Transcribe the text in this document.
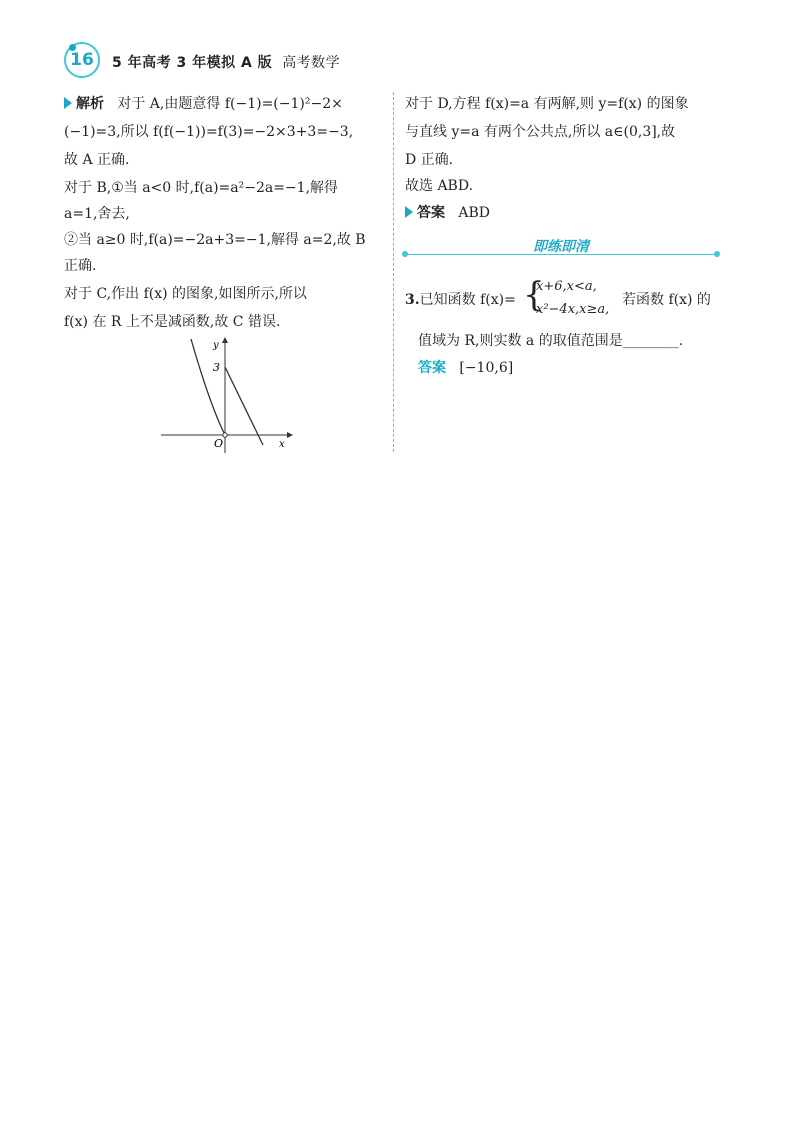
16 5 年高考 3 年模拟 A 版 高考数学
解析 对于 A,由题意得 f(−1)=(−1)²−2×
(−1)=3,所以 f(f(−1))=f(3)=−2×3+3=−3,
故 A 正确.
对于 B,①当 a<0 时,f(a)=a²−2a=−1,解得
a=1,舍去,
②当 a≥0 时,f(a)=−2a+3=−1,解得 a=2,故 B
正确.
对于 C,作出 f(x) 的图象,如图所示,所以
f(x) 在 R 上不是减函数,故 C 错误.
3
y
x
O
对于 D,方程 f(x)=a 有两解,则 y=f(x) 的图象
与直线 y=a 有两个公共点,所以 a∈(0,3],故
D 正确.
故选 ABD.
答案 ABD
即练即清
3.已知函数 f(x)= {
x+6,x<a,
x²−4x,x≥a,
若函数 f(x) 的
值域为 R,则实数 a 的取值范围是________.
答案 [−10,6]
